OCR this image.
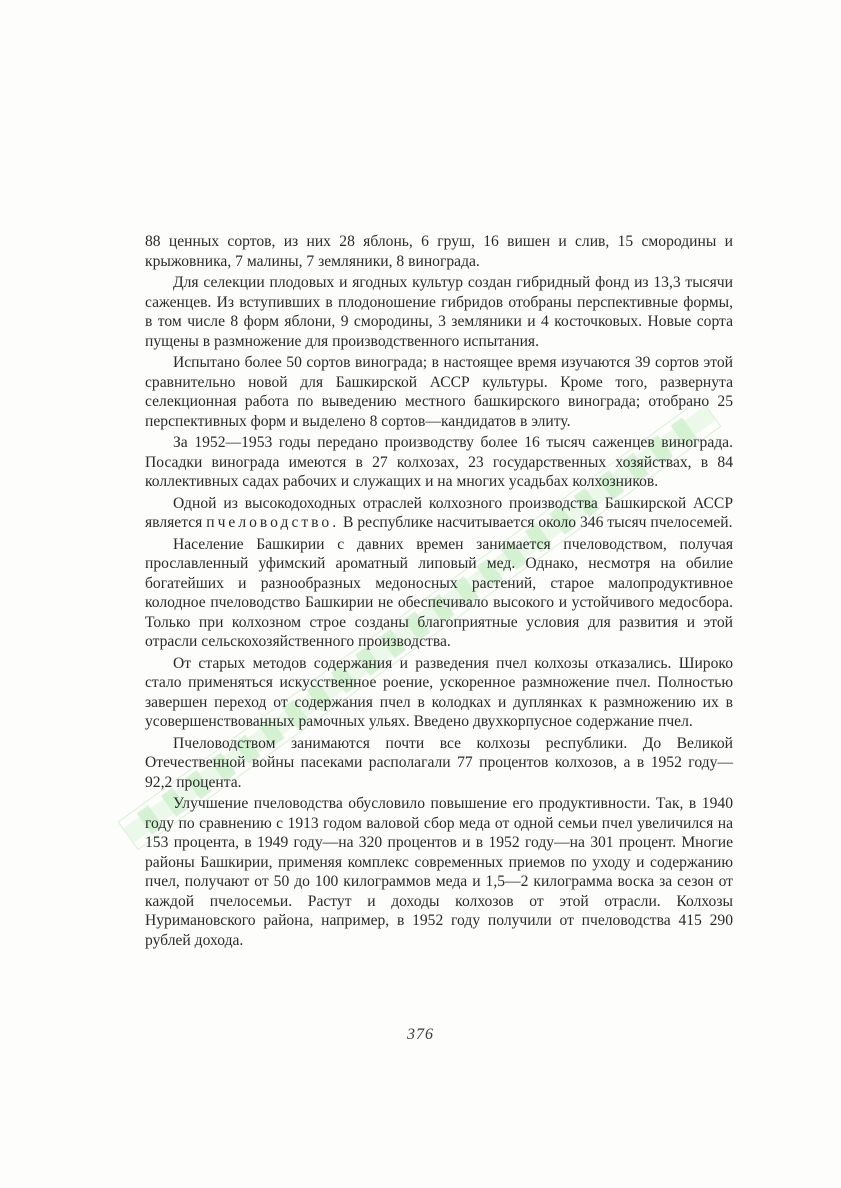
88 ценных сортов, из них 28 яблонь, 6 груш, 16 вишен и слив, 15 смородины и крыжовника, 7 малины, 7 земляники, 8 винограда.

Для селекции плодовых и ягодных культур создан гибридный фонд из 13,3 тысячи саженцев. Из вступивших в плодоношение гибридов отобраны перспективные формы, в том числе 8 форм яблони, 9 смородины, 3 земляники и 4 косточковых. Новые сорта пущены в размножение для производственного испытания.

Испытано более 50 сортов винограда; в настоящее время изучаются 39 сортов этой сравнительно новой для Башкирской АССР культуры. Кроме того, развернута селекционная работа по выведению местного башкирского винограда; отобрано 25 перспективных форм и выделено 8 сортов—кандидатов в элиту.

За 1952—1953 годы передано производству более 16 тысяч саженцев винограда. Посадки винограда имеются в 27 колхозах, 23 государственных хозяйствах, в 84 коллективных садах рабочих и служащих и на многих усадьбах колхозников.

Одной из высокодоходных отраслей колхозного производства Башкирской АССР является пчеловодство. В республике насчитывается около 346 тысяч пчелосемей.

Население Башкирии с давних времен занимается пчеловодством, получая прославленный уфимский ароматный липовый мед. Однако, несмотря на обилие богатейших и разнообразных медоносных растений, старое малопродуктивное колодное пчеловодство Башкирии не обеспечивало высокого и устойчивого медосбора. Только при колхозном строе созданы благоприятные условия для развития и этой отрасли сельскохозяйственного производства.

От старых методов содержания и разведения пчел колхозы отказались. Широко стало применяться искусственное роение, ускоренное размножение пчел. Полностью завершен переход от содержания пчел в колодках и дуплянках к размножению их в усовершенствованных рамочных ульях. Введено двухкорпусное содержание пчел.

Пчеловодством занимаются почти все колхозы республики. До Великой Отечественной войны пасеками располагали 77 процентов колхозов, а в 1952 году—92,2 процента.

Улучшение пчеловодства обусловило повышение его продуктивности. Так, в 1940 году по сравнению с 1913 годом валовой сбор меда от одной семьи пчел увеличился на 153 процента, в 1949 году—на 320 процентов и в 1952 году—на 301 процент. Многие районы Башкирии, применяя комплекс современных приемов по уходу и содержанию пчел, получают от 50 до 100 килограммов меда и 1,5—2 килограмма воска за сезон от каждой пчелосемьи. Растут и доходы колхозов от этой отрасли. Колхозы Нуримановского района, например, в 1952 году получили от пчеловодства 415 290 рублей дохода.

376
